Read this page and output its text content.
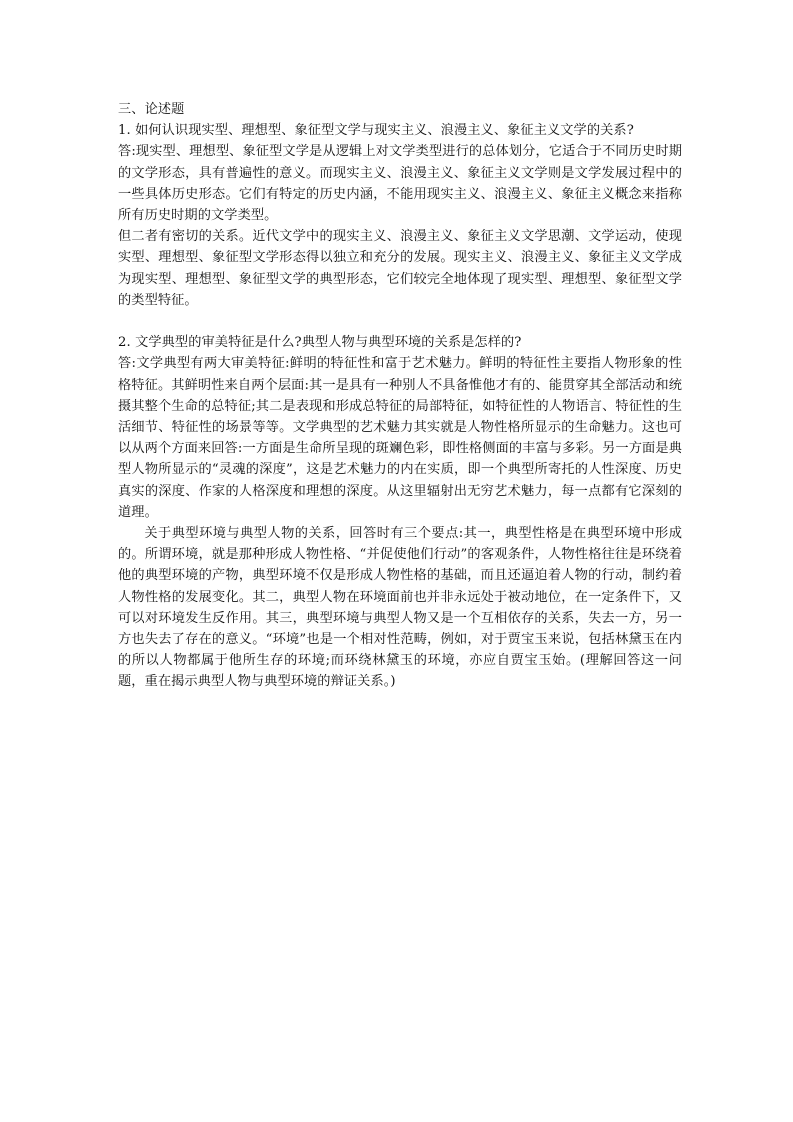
三、论述题

1. 如何认识现实型、理想型、象征型文学与现实主义、浪漫主义、象征主义文学的关系?

答:现实型、理想型、象征型文学是从逻辑上对文学类型进行的总体划分，它适合于不同历史时期的文学形态，具有普遍性的意义。而现实主义、浪漫主义、象征主义文学则是文学发展过程中的一些具体历史形态。它们有特定的历史内涵，不能用现实主义、浪漫主义、象征主义概念来指称所有历史时期的文学类型。

但二者有密切的关系。近代文学中的现实主义、浪漫主义、象征主义文学思潮、文学运动，使现实型、理想型、象征型文学形态得以独立和充分的发展。现实主义、浪漫主义、象征主义文学成为现实型、理想型、象征型文学的典型形态，它们较完全地体现了现实型、理想型、象征型文学的类型特征。

2. 文学典型的审美特征是什么?典型人物与典型环境的关系是怎样的?

答:文学典型有两大审美特征:鲜明的特征性和富于艺术魅力。鲜明的特征性主要指人物形象的性格特征。其鲜明性来自两个层面:其一是具有一种别人不具备惟他才有的、能贯穿其全部活动和统摄其整个生命的总特征;其二是表现和形成总特征的局部特征，如特征性的人物语言、特征性的生活细节、特征性的场景等等。文学典型的艺术魅力其实就是人物性格所显示的生命魅力。这也可以从两个方面来回答:一方面是生命所呈现的斑斓色彩，即性格侧面的丰富与多彩。另一方面是典型人物所显示的“灵魂的深度”，这是艺术魅力的内在实质，即一个典型所寄托的人性深度、历史真实的深度、作家的人格深度和理想的深度。从这里辐射出无穷艺术魅力，每一点都有它深刻的道理。

关于典型环境与典型人物的关系，回答时有三个要点:其一，典型性格是在典型环境中形成的。所谓环境，就是那种形成人物性格、“并促使他们行动”的客观条件，人物性格往往是环绕着他的典型环境的产物，典型环境不仅是形成人物性格的基础，而且还逼迫着人物的行动，制约着人物性格的发展变化。其二，典型人物在环境面前也并非永远处于被动地位，在一定条件下，又可以对环境发生反作用。其三，典型环境与典型人物又是一个互相依存的关系，失去一方，另一方也失去了存在的意义。“环境”也是一个相对性范畴，例如，对于贾宝玉来说，包括林黛玉在内的所以人物都属于他所生存的环境;而环绕林黛玉的环境，亦应自贾宝玉始。(理解回答这一问题，重在揭示典型人物与典型环境的辩证关系。)
